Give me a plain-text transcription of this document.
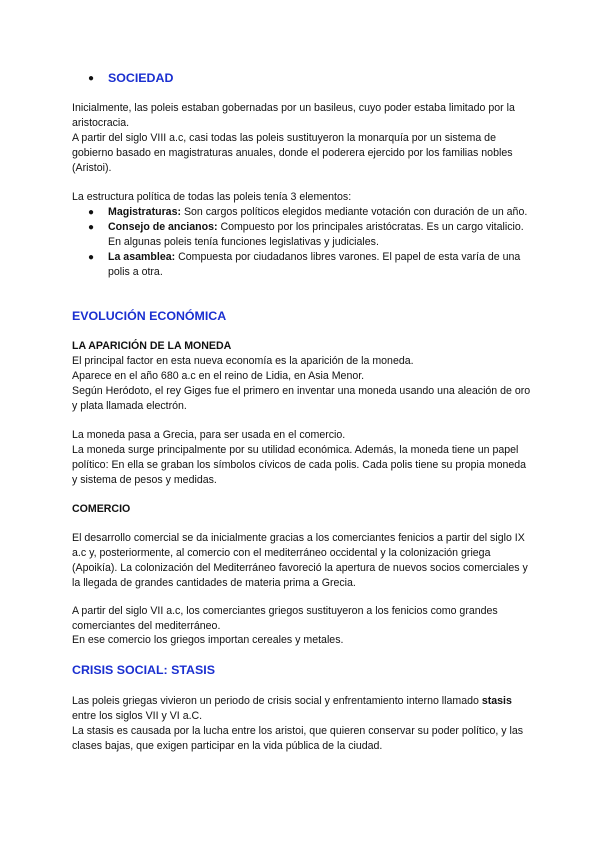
● SOCIEDAD

Inicialmente, las poleis estaban gobernadas por un basileus, cuyo poder estaba limitado por la aristocracia.

A partir del siglo VIII a.c, casi todas las poleis sustituyeron la monarquía por un sistema de gobierno basado en magistraturas anuales, donde el poderera ejercido por los familias nobles (Aristoi).

La estructura política de todas las poleis tenía 3 elementos:

● Magistraturas: Son cargos políticos elegidos mediante votación con duración de un año.
● Consejo de ancianos: Compuesto por los principales aristócratas. Es un cargo vitalicio. En algunas poleis tenía funciones legislativas y judiciales.
● La asamblea: Compuesta por ciudadanos libres varones. El papel de esta varía de una polis a otra.
EVOLUCIÓN ECONÓMICA
LA APARICIÓN DE LA MONEDA

El principal factor en esta nueva economía es la aparición de la moneda.

Aparece en el año 680 a.c en el reino de Lidia, en Asia Menor.

Según Heródoto, el rey Giges fue el primero en inventar una moneda usando una aleación de oro y plata llamada electrón.

La moneda pasa a Grecia, para ser usada en el comercio.

La moneda surge principalmente por su utilidad económica. Además, la moneda tiene un papel político: En ella se graban los símbolos cívicos de cada polis. Cada polis tiene su propia moneda y sistema de pesos y medidas.

COMERCIO

El desarrollo comercial se da inicialmente gracias a los comerciantes fenicios a partir del siglo IX a.c y, posteriormente, al comercio con el mediterráneo occidental y la colonización griega (Apoikía). La colonización del Mediterráneo favoreció la apertura de nuevos socios comerciales y la llegada de grandes cantidades de materia prima a Grecia.

A partir del siglo VII a.c, los comerciantes griegos sustituyeron a los fenicios como grandes comerciantes del mediterráneo.

En ese comercio los griegos importan cereales y metales.

CRISIS SOCIAL: STASIS

Las poleis griegas vivieron un periodo de crisis social y enfrentamiento interno llamado stasis entre los siglos VII y VI a.C.

La stasis es causada por la lucha entre los aristoi, que quieren conservar su poder político, y las clases bajas, que exigen participar en la vida pública de la ciudad.
